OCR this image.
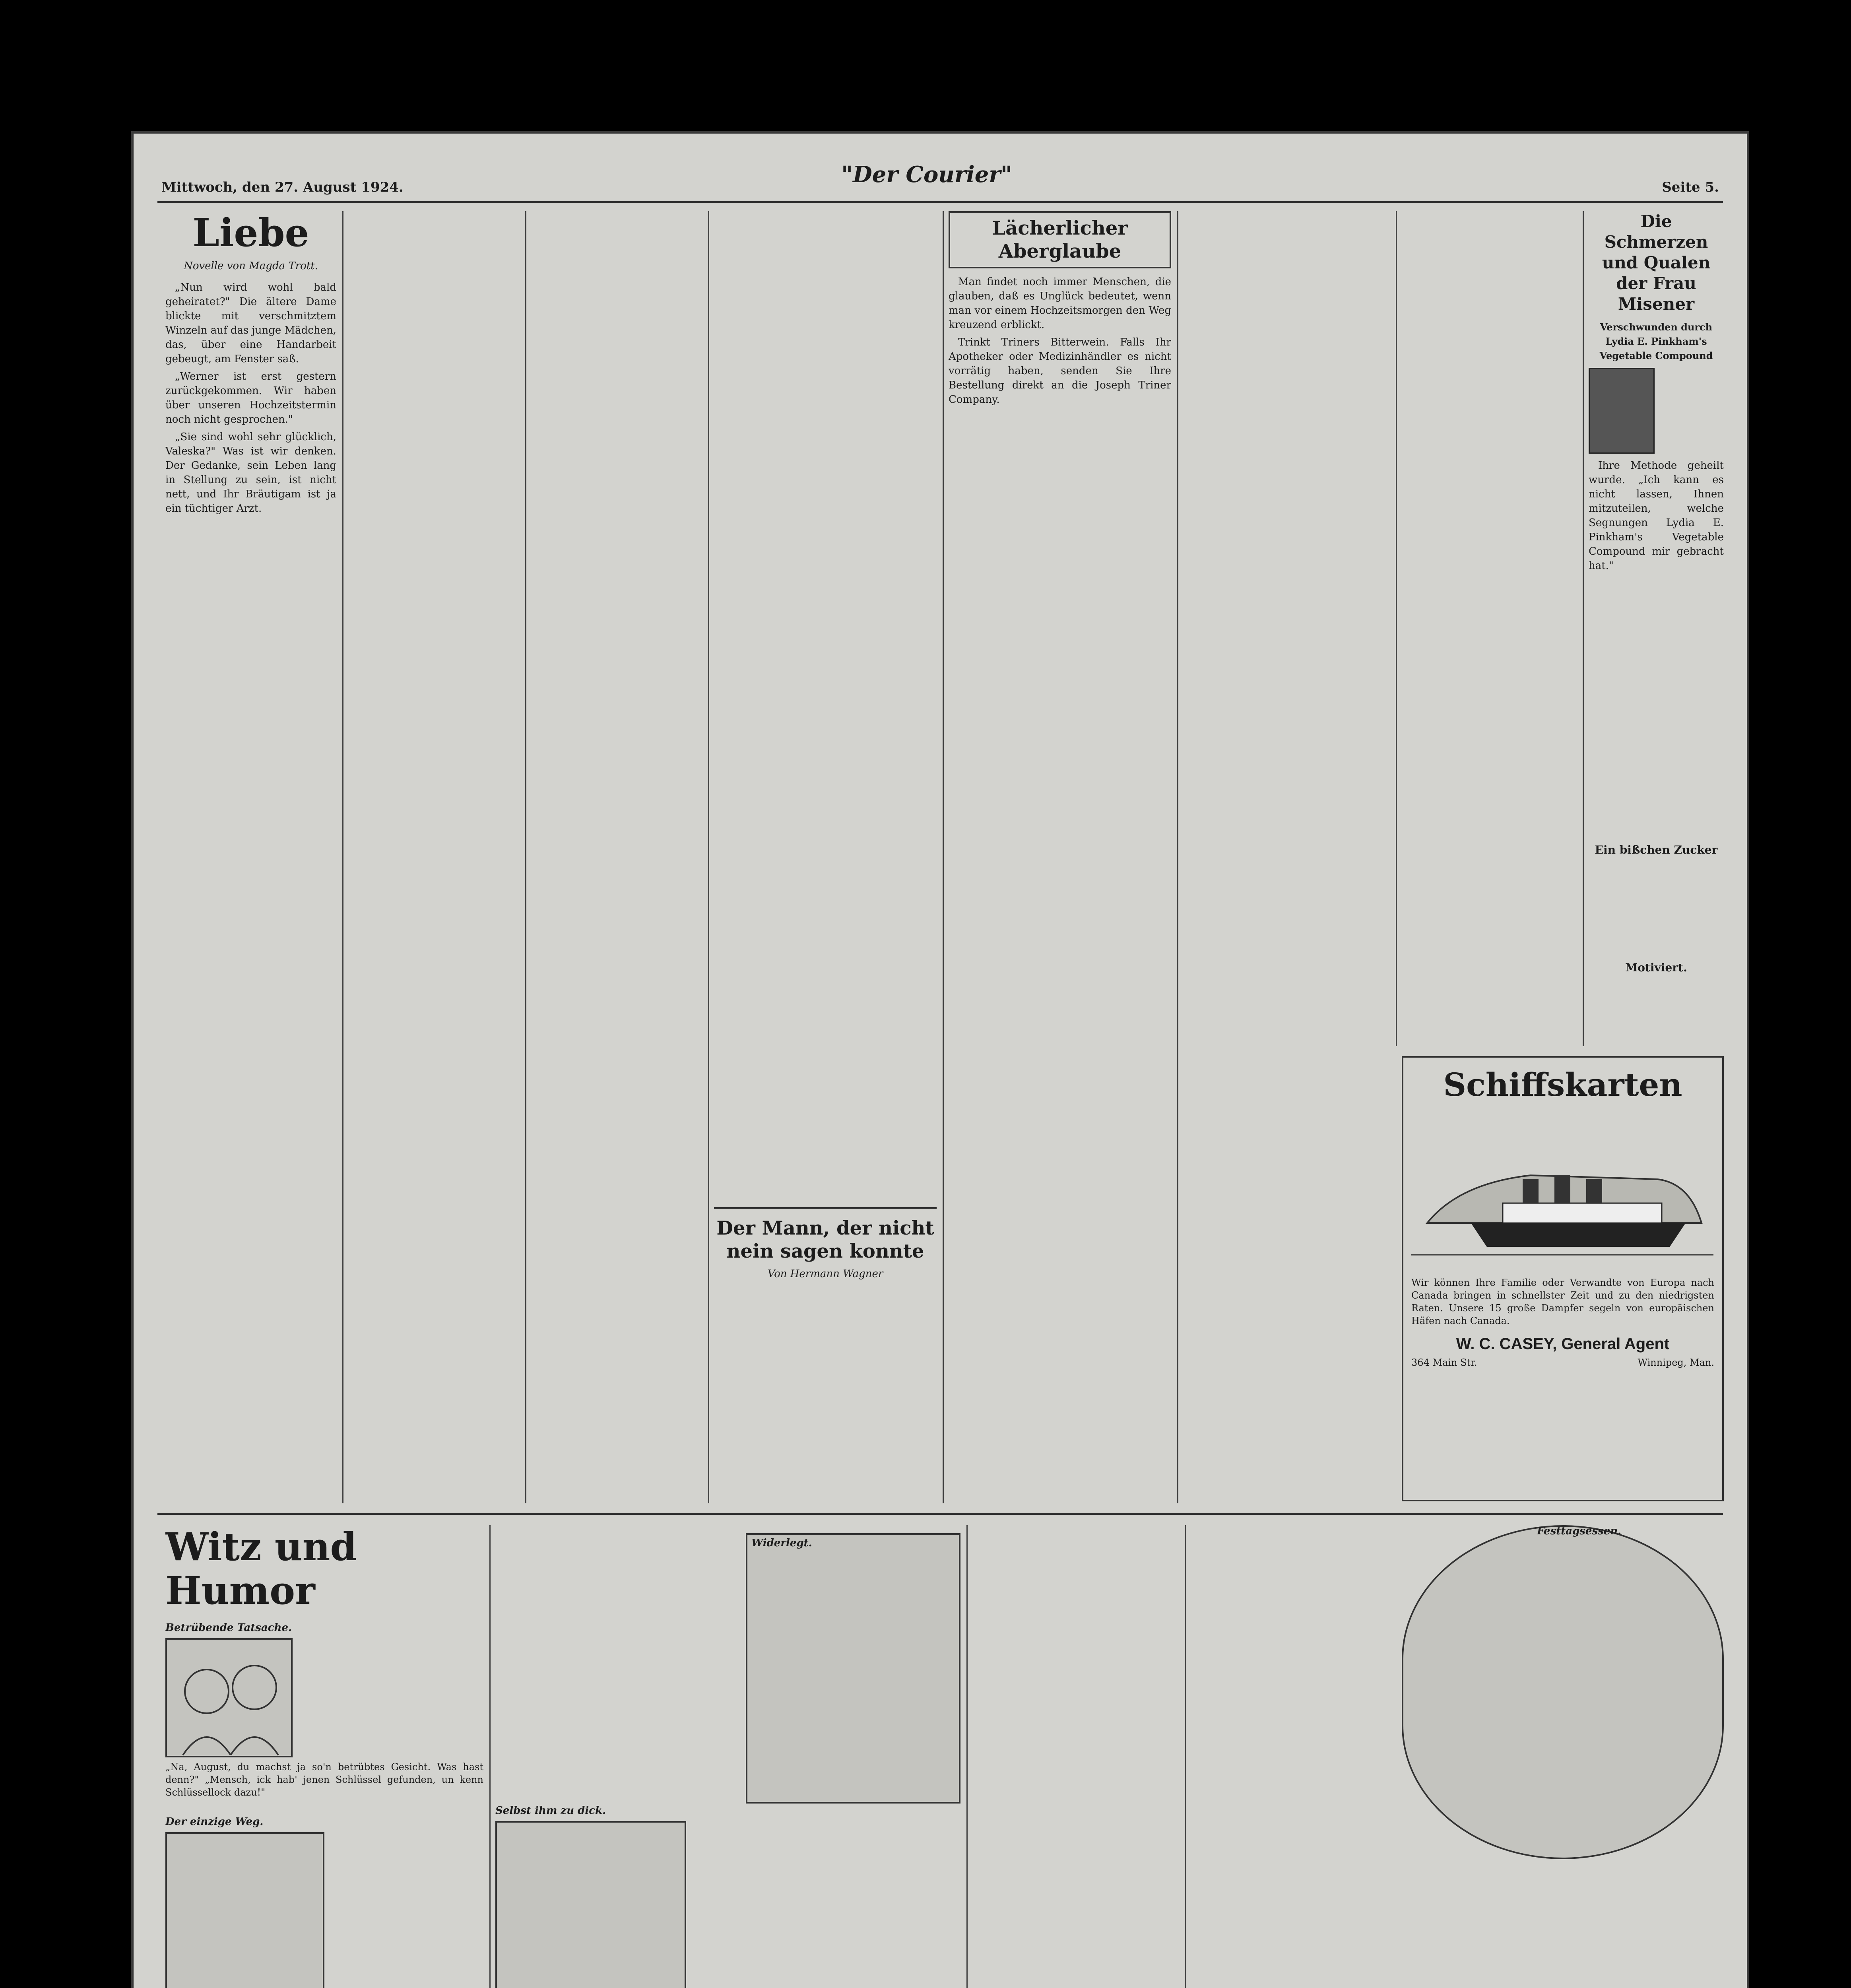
Mittwoch, den 27. August 1924.	"Der Courier"	Seite 5.
Liebe
Novelle von Magda Trott.

„Nun wird wohl bald geheiratet?" Die ältere Dame blickte mit verschmitztem Winzeln auf das junge Mädchen, das, über eine Handarbeit gebeugt, am Fenster saß.

„Werner ist erst gestern zurückgekommen. Wir haben über unseren Hochzeitstermin noch nicht gesprochen."

„Sie sind wohl sehr glücklich, Valeska?" Was ist wir denken. Der Gedanke, sein Leben lang in Stellung zu sein, ist nicht nett, und Ihr Bräutigam ist ja ein tüchtiger Arzt.

Der Mann, der nicht nein sagen konnte
Von Hermann Wagner
Lächerlicher Aberglaube

Man findet noch immer Menschen, die glauben, daß es Unglück bedeutet, wenn man vor einem Hochzeitsmorgen den Weg kreuzend erblickt.

Trinkt Triners Bitterwein. Falls Ihr Apotheker oder Medizinhändler es nicht vorrätig haben, senden Sie Ihre Bestellung direkt an die Joseph Triner Company.

Die Schmerzen und Qualen der Frau Misener
Verschwunden durch Lydia E. Pinkham's Vegetable Compound

Ihre Methode geheilt wurde. „Ich kann es nicht lassen, Ihnen mitzuteilen, welche Segnungen Lydia E. Pinkham's Vegetable Compound mir gebracht hat."

Ein bißchen Zucker
Motiviert.
Schiffskarten
Wir können Ihre Familie oder Verwandte von Europa nach Canada bringen in schnellster Zeit und zu den niedrigsten Raten. Unsere 15 große Dampfer segeln von europäischen Häfen nach Canada.
W. C. CASEY, General Agent
364 Main Str.	Winnipeg, Man.
Witz und Humor
Betrübende Tatsache.
„Na, August, du machst ja so'n betrübtes Gesicht. Was hast denn?" „Mensch, ick hab' jenen Schlüssel gefunden, un kenn Schlüssellock dazu!"
Der einzige Weg.
Selbst ihm zu dick.
Widerlegt.
Festtagsessen.
